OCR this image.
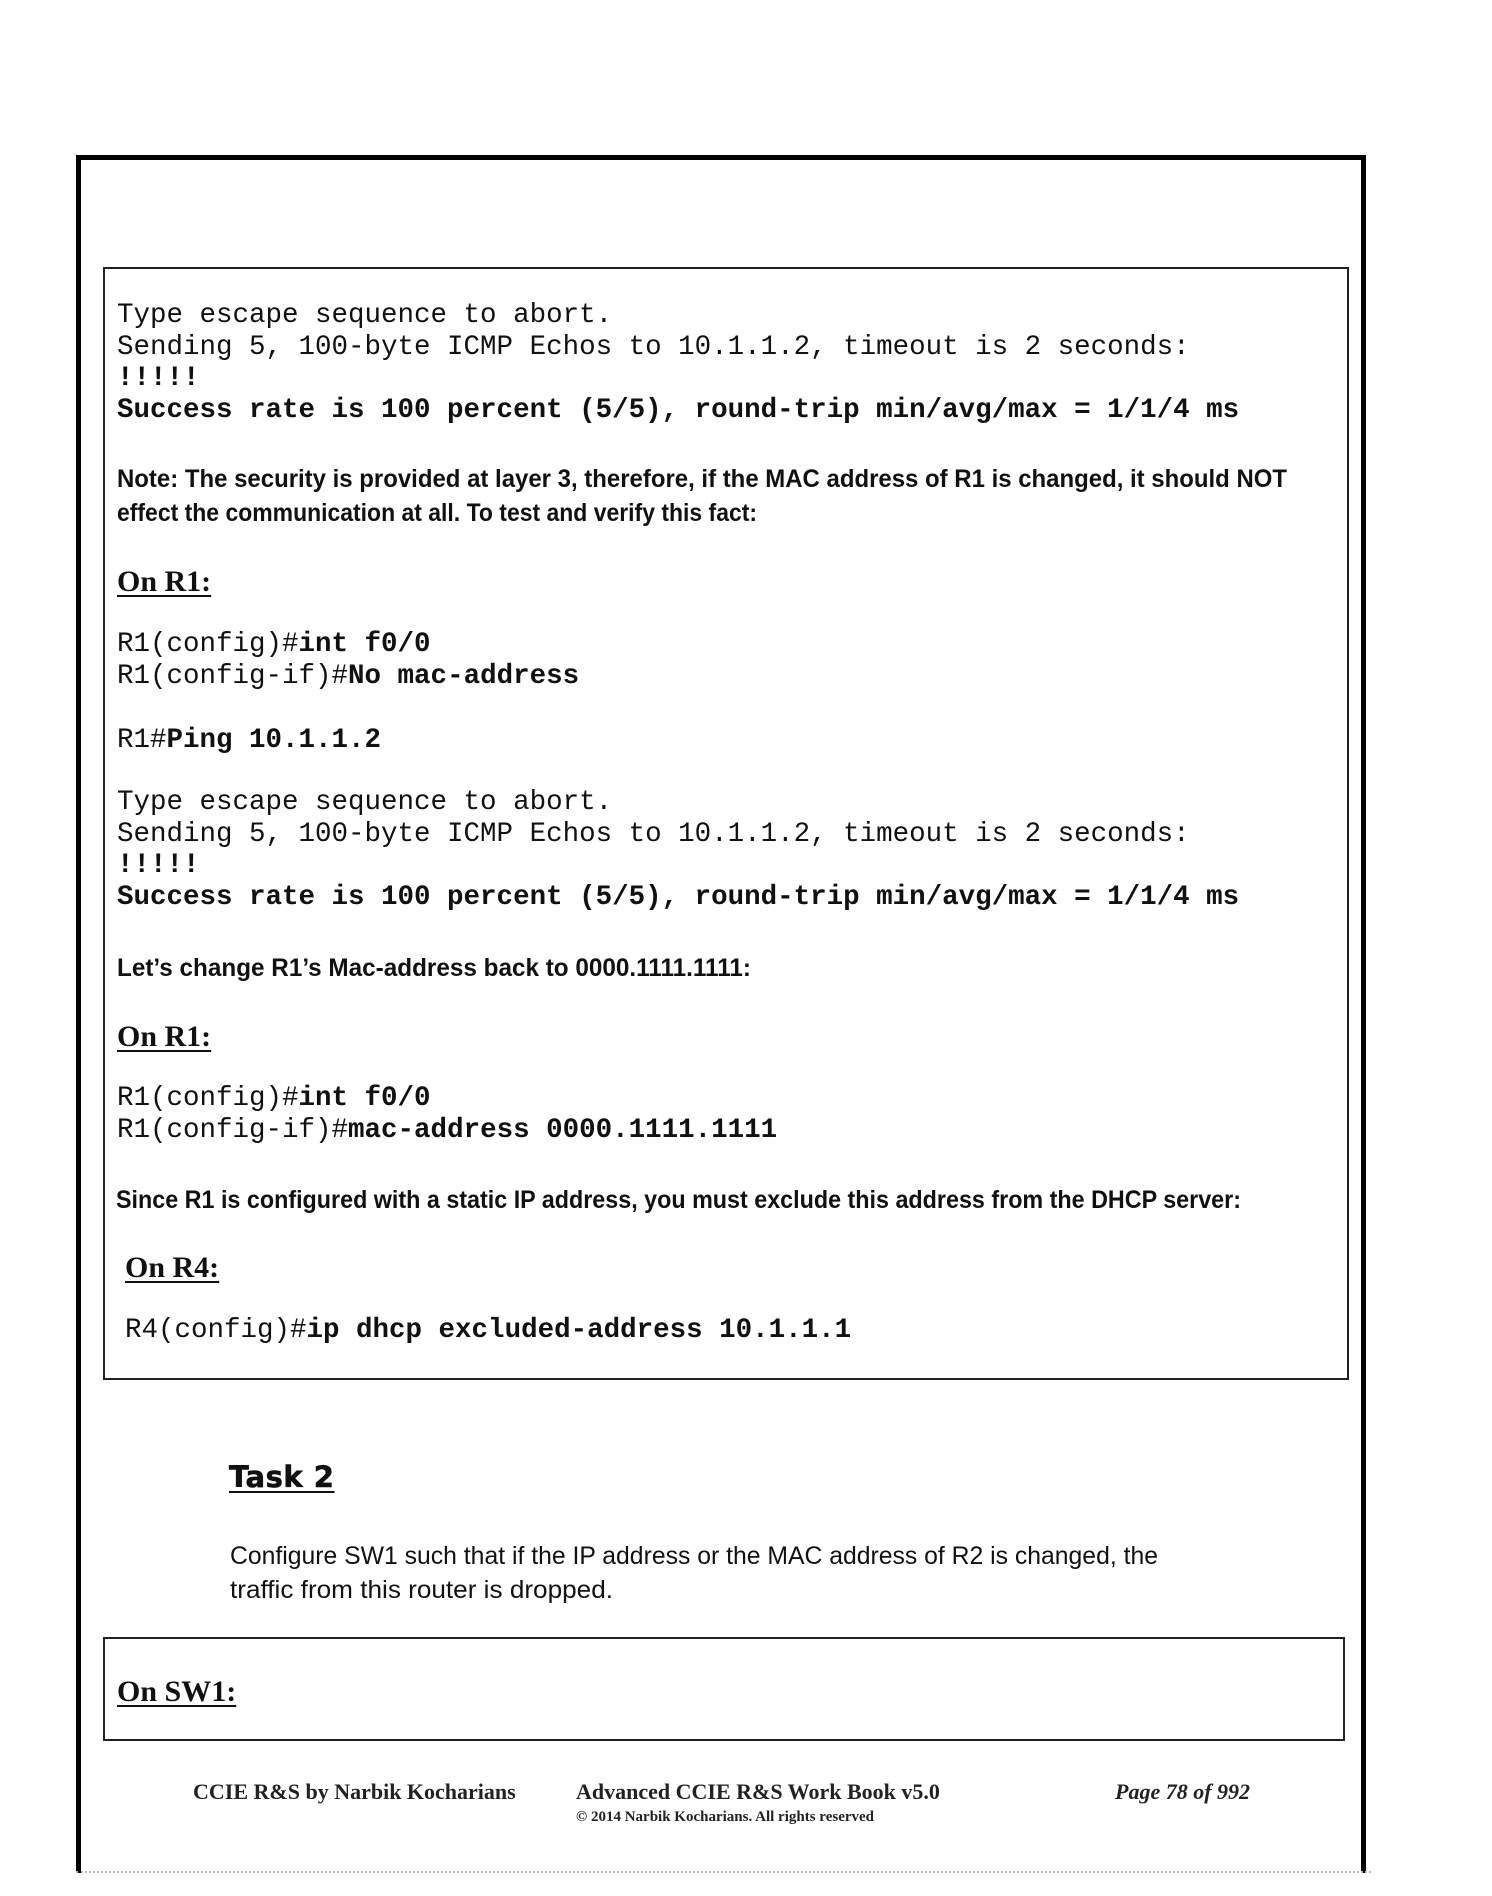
Type escape sequence to abort.
Sending 5, 100-byte ICMP Echos to 10.1.1.2, timeout is 2 seconds:
!!!!!
Success rate is 100 percent (5/5), round-trip min/avg/max = 1/1/4 ms
Note: The security is provided at layer 3, therefore, if the MAC address of R1 is changed, it should NOT
effect the communication at all. To test and verify this fact:
On R1:
R1(config)#int f0/0
R1(config-if)#No mac-address
R1#Ping 10.1.1.2
Type escape sequence to abort.
Sending 5, 100-byte ICMP Echos to 10.1.1.2, timeout is 2 seconds:
!!!!!
Success rate is 100 percent (5/5), round-trip min/avg/max = 1/1/4 ms
Let’s change R1’s Mac-address back to 0000.1111.1111:
On R1:
R1(config)#int f0/0
R1(config-if)#mac-address 0000.1111.1111
Since R1 is configured with a static IP address, you must exclude this address from the DHCP server:
On R4:
R4(config)#ip dhcp excluded-address 10.1.1.1
Task 2
Configure SW1 such that if the IP address or the MAC address of R2 is changed, the
traffic from this router is dropped.
On SW1:
CCIE R&S by Narbik Kocharians	Advanced CCIE R&S Work Book v5.0
© 2014 Narbik Kocharians. All rights reserved
Page 78 of 992
